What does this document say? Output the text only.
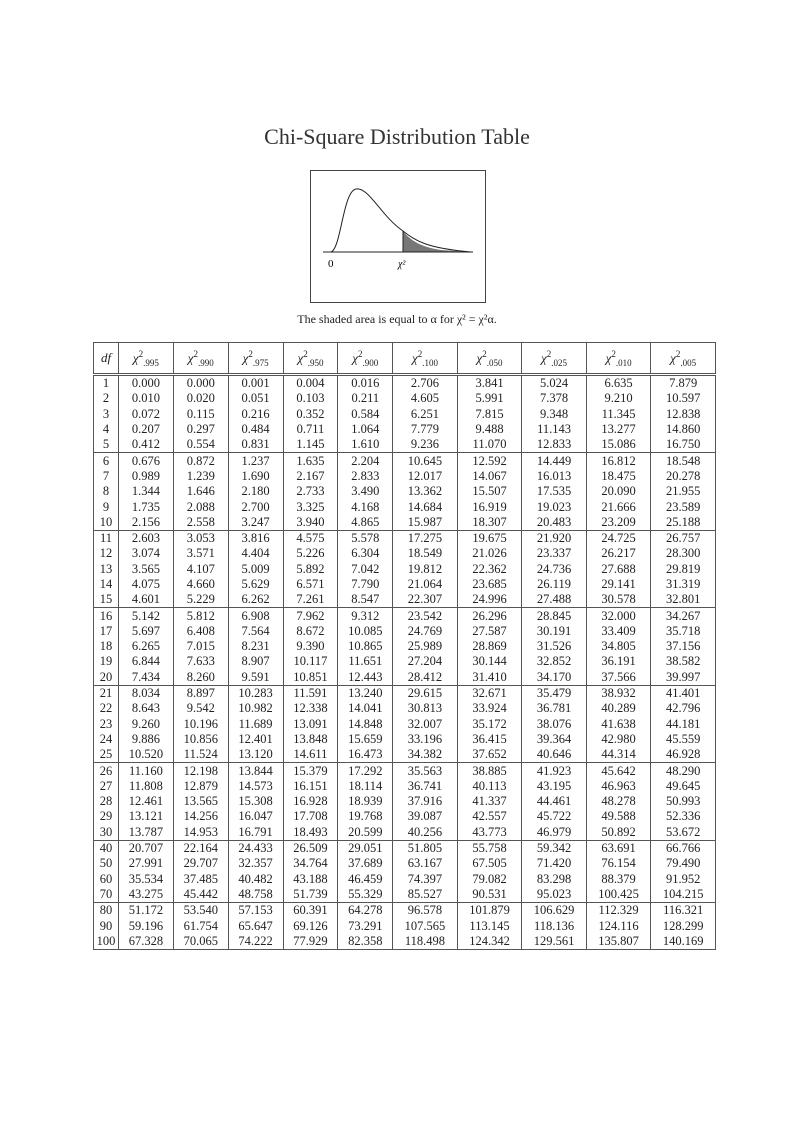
Chi-Square Distribution Table
0	χ²
The shaded area is equal to α for χ² = χ²α.
df	$\chi^2_{.995}$	$\chi^2_{.990}$	$\chi^2_{.975}$	$\chi^2_{.950}$	$\chi^2_{.900}$	$\chi^2_{.100}$	$\chi^2_{.050}$	$\chi^2_{.025}$	$\chi^2_{.010}$	$\chi^2_{.005}$
1	0.000	0.000	0.001	0.004	0.016	2.706	3.841	5.024	6.635	7.879
2	0.010	0.020	0.051	0.103	0.211	4.605	5.991	7.378	9.210	10.597
3	0.072	0.115	0.216	0.352	0.584	6.251	7.815	9.348	11.345	12.838
4	0.207	0.297	0.484	0.711	1.064	7.779	9.488	11.143	13.277	14.860
5	0.412	0.554	0.831	1.145	1.610	9.236	11.070	12.833	15.086	16.750
6	0.676	0.872	1.237	1.635	2.204	10.645	12.592	14.449	16.812	18.548
7	0.989	1.239	1.690	2.167	2.833	12.017	14.067	16.013	18.475	20.278
8	1.344	1.646	2.180	2.733	3.490	13.362	15.507	17.535	20.090	21.955
9	1.735	2.088	2.700	3.325	4.168	14.684	16.919	19.023	21.666	23.589
10	2.156	2.558	3.247	3.940	4.865	15.987	18.307	20.483	23.209	25.188
11	2.603	3.053	3.816	4.575	5.578	17.275	19.675	21.920	24.725	26.757
12	3.074	3.571	4.404	5.226	6.304	18.549	21.026	23.337	26.217	28.300
13	3.565	4.107	5.009	5.892	7.042	19.812	22.362	24.736	27.688	29.819
14	4.075	4.660	5.629	6.571	7.790	21.064	23.685	26.119	29.141	31.319
15	4.601	5.229	6.262	7.261	8.547	22.307	24.996	27.488	30.578	32.801
16	5.142	5.812	6.908	7.962	9.312	23.542	26.296	28.845	32.000	34.267
17	5.697	6.408	7.564	8.672	10.085	24.769	27.587	30.191	33.409	35.718
18	6.265	7.015	8.231	9.390	10.865	25.989	28.869	31.526	34.805	37.156
19	6.844	7.633	8.907	10.117	11.651	27.204	30.144	32.852	36.191	38.582
20	7.434	8.260	9.591	10.851	12.443	28.412	31.410	34.170	37.566	39.997
21	8.034	8.897	10.283	11.591	13.240	29.615	32.671	35.479	38.932	41.401
22	8.643	9.542	10.982	12.338	14.041	30.813	33.924	36.781	40.289	42.796
23	9.260	10.196	11.689	13.091	14.848	32.007	35.172	38.076	41.638	44.181
24	9.886	10.856	12.401	13.848	15.659	33.196	36.415	39.364	42.980	45.559
25	10.520	11.524	13.120	14.611	16.473	34.382	37.652	40.646	44.314	46.928
26	11.160	12.198	13.844	15.379	17.292	35.563	38.885	41.923	45.642	48.290
27	11.808	12.879	14.573	16.151	18.114	36.741	40.113	43.195	46.963	49.645
28	12.461	13.565	15.308	16.928	18.939	37.916	41.337	44.461	48.278	50.993
29	13.121	14.256	16.047	17.708	19.768	39.087	42.557	45.722	49.588	52.336
30	13.787	14.953	16.791	18.493	20.599	40.256	43.773	46.979	50.892	53.672
40	20.707	22.164	24.433	26.509	29.051	51.805	55.758	59.342	63.691	66.766
50	27.991	29.707	32.357	34.764	37.689	63.167	67.505	71.420	76.154	79.490
60	35.534	37.485	40.482	43.188	46.459	74.397	79.082	83.298	88.379	91.952
70	43.275	45.442	48.758	51.739	55.329	85.527	90.531	95.023	100.425	104.215
80	51.172	53.540	57.153	60.391	64.278	96.578	101.879	106.629	112.329	116.321
90	59.196	61.754	65.647	69.126	73.291	107.565	113.145	118.136	124.116	128.299
100	67.328	70.065	74.222	77.929	82.358	118.498	124.342	129.561	135.807	140.169
